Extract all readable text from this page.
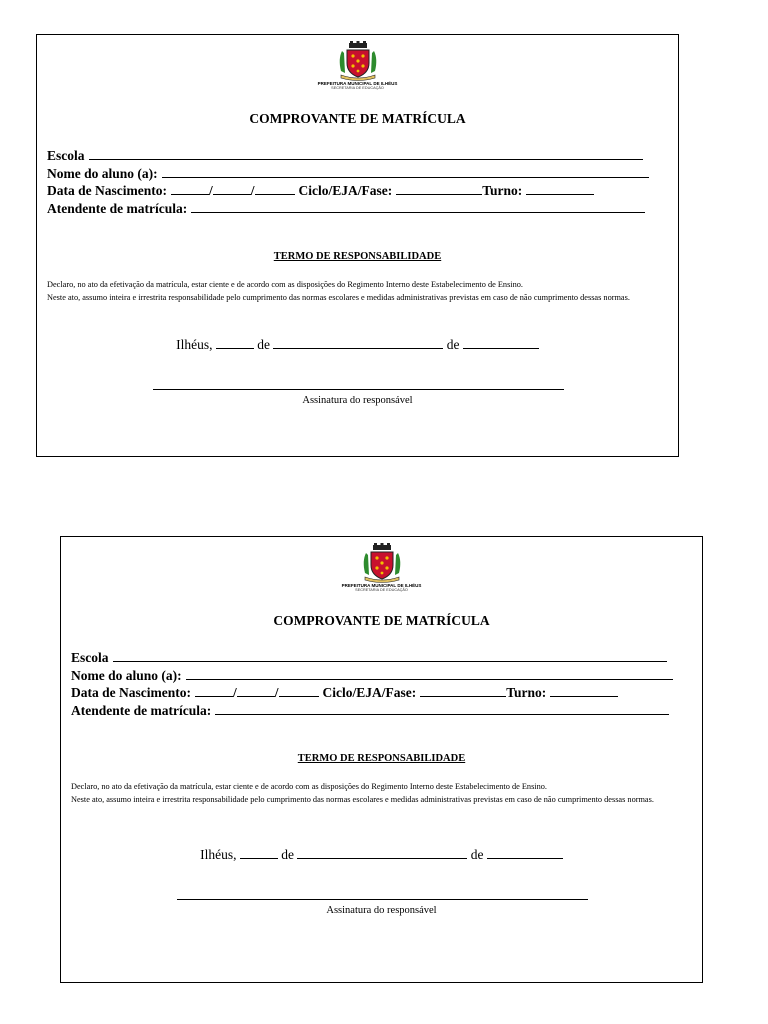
PREFEITURA MUNICIPAL DE ILHÉUS
SECRETARIA DE EDUCAÇÃO
COMPROVANTE DE MATRÍCULA
Escola
Nome do aluno (a):
Data de Nascimento:	/	/	Ciclo/EJA/Fase:	Turno:
Atendente de matrícula:
TERMO DE RESPONSABILIDADE
Declaro, no ato da efetivação da matrícula, estar ciente e de acordo com as disposições do Regimento Interno deste Estabelecimento de Ensino.
Neste ato, assumo inteira e irrestrita responsabilidade pelo cumprimento das normas escolares e medidas administrativas previstas em caso de não cumprimento dessas normas.
Ilhéus,	de	de
Assinatura do responsável
PREFEITURA MUNICIPAL DE ILHÉUS
SECRETARIA DE EDUCAÇÃO
COMPROVANTE DE MATRÍCULA
Escola
Nome do aluno (a):
Data de Nascimento:	/	/	Ciclo/EJA/Fase:	Turno:
Atendente de matrícula:
TERMO DE RESPONSABILIDADE
Declaro, no ato da efetivação da matrícula, estar ciente e de acordo com as disposições do Regimento Interno deste Estabelecimento de Ensino.
Neste ato, assumo inteira e irrestrita responsabilidade pelo cumprimento das normas escolares e medidas administrativas previstas em caso de não cumprimento dessas normas.
Ilhéus,	de	de
Assinatura do responsável
